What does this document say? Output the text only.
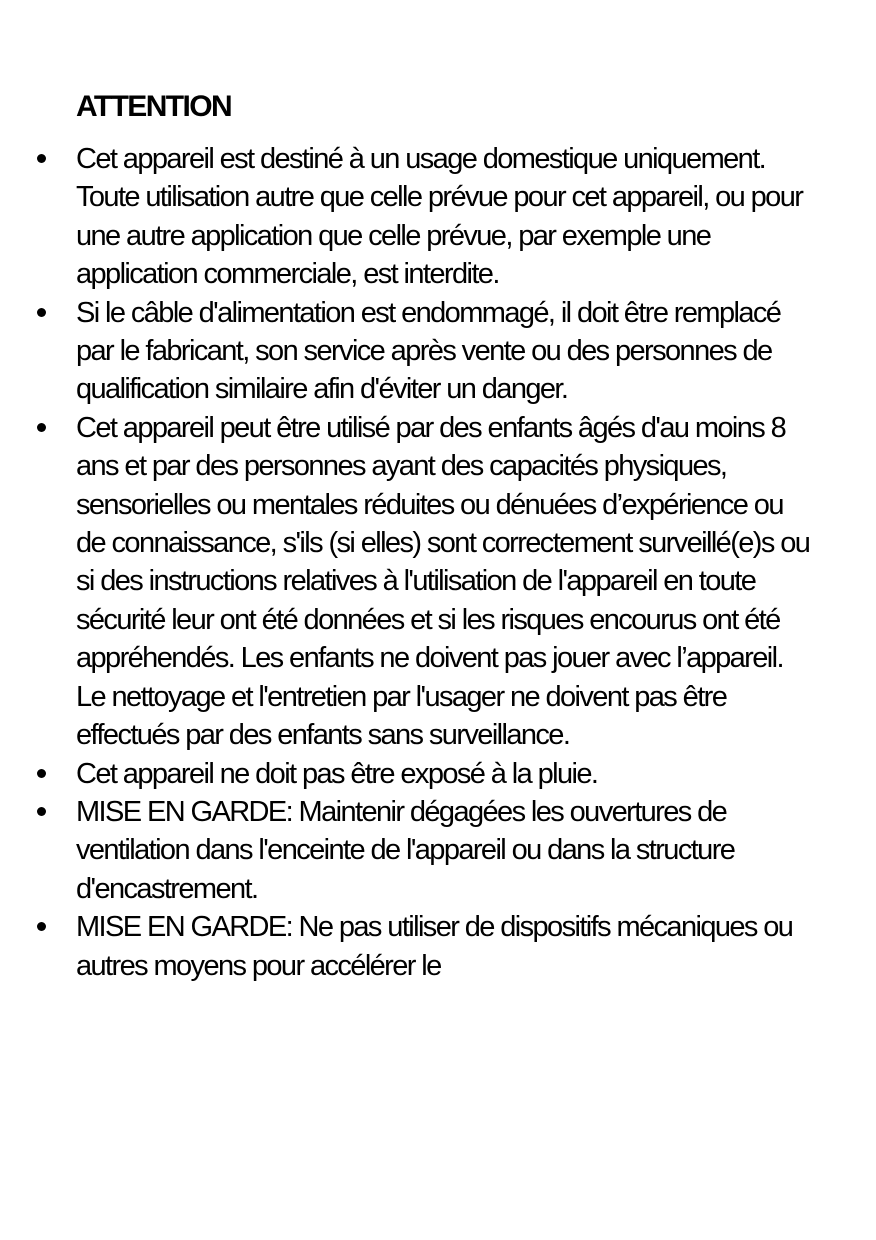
ATTENTION
Cet appareil est destiné à un usage domestique uniquement. Toute utilisation autre que celle prévue pour cet appareil, ou pour une autre application que celle prévue, par exemple une application commerciale, est interdite.
Si le câble d'alimentation est endommagé, il doit être remplacé par le fabricant, son service après vente ou des personnes de qualification similaire afin d'éviter un danger.
Cet appareil peut être utilisé par des enfants âgés d'au moins 8 ans et par des personnes ayant des capacités physiques, sensorielles ou mentales réduites ou dénuées d’expérience ou de connaissance, s'ils (si elles) sont correctement surveillé(e)s ou si des instructions relatives à l'utilisation de l'appareil en toute sécurité leur ont été données et si les risques encourus ont été appréhendés. Les enfants ne doivent pas jouer avec l’appareil. Le nettoyage et l'entretien par l'usager ne doivent pas être effectués par des enfants sans surveillance.
Cet appareil ne doit pas être exposé à la pluie.
MISE EN GARDE: Maintenir dégagées les ouvertures de ventilation dans l'enceinte de l'appareil ou dans la structure d'encastrement.
MISE EN GARDE: Ne pas utiliser de dispositifs mécaniques ou autres moyens pour accélérer le
